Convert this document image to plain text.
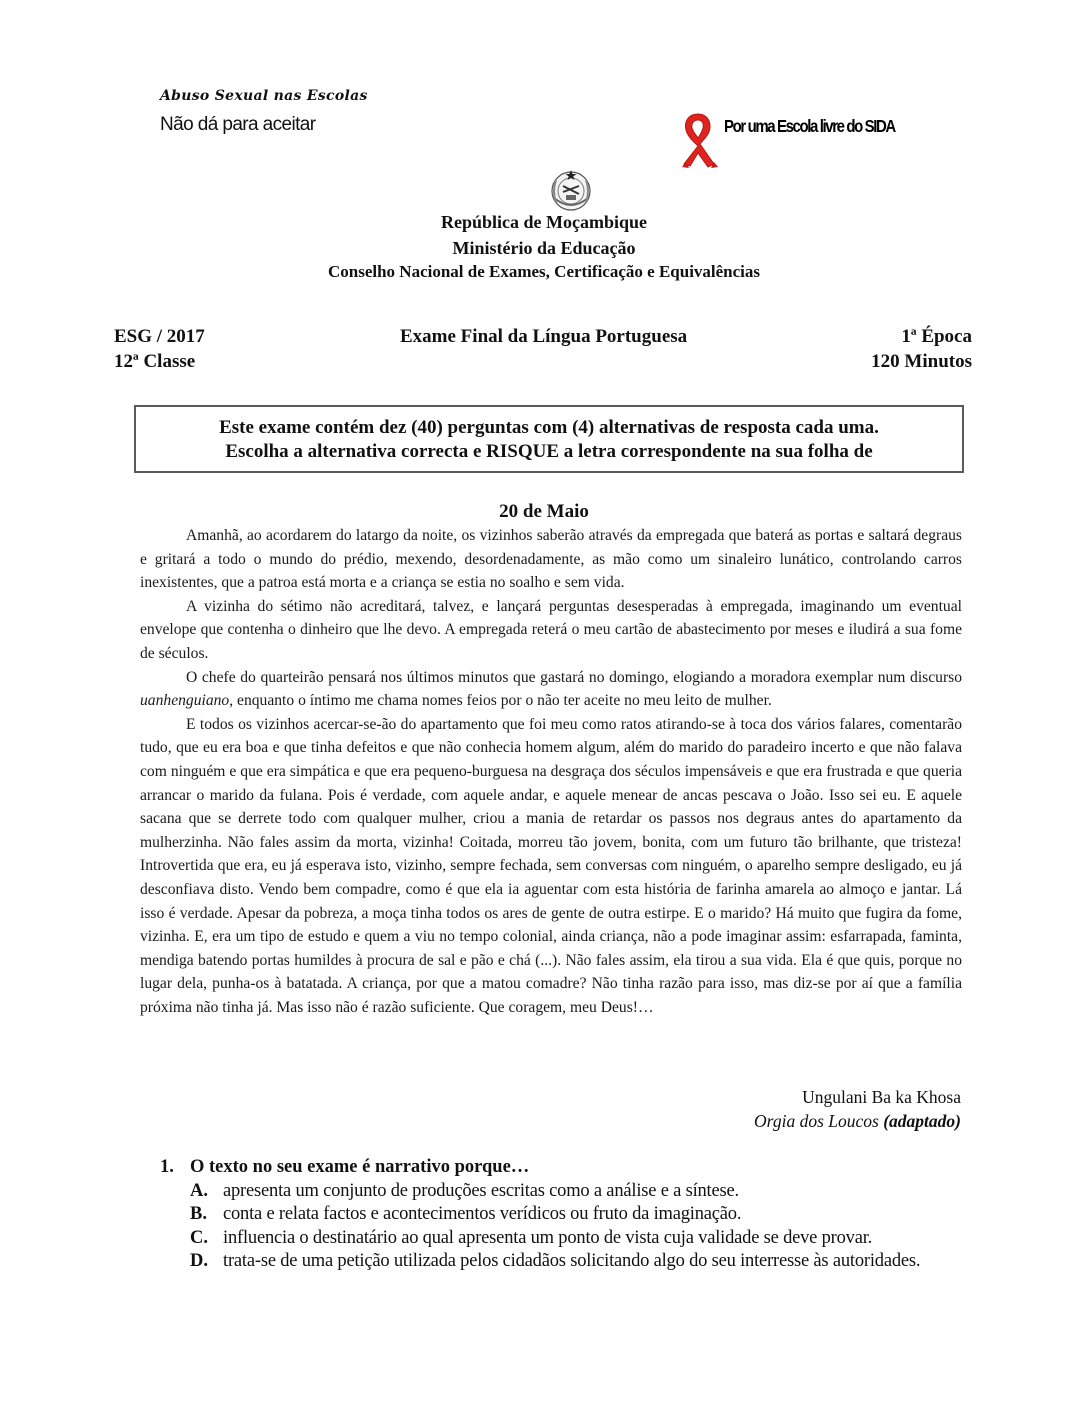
Abuso Sexual nas Escolas
Não dá para aceitar	Por uma Escola livre do SIDA
República de Moçambique
Ministério da Educação
Conselho Nacional de Exames, Certificação e Equivalências
ESG / 2017
12ª Classe
Exame Final da Língua Portuguesa	1ª Época
120 Minutos
Este exame contém dez (40) perguntas com (4) alternativas de resposta cada uma.
Escolha a alternativa correcta e RISQUE a letra correspondente na sua folha de
20 de Maio

Amanhã, ao acordarem do latargo da noite, os vizinhos saberão através da empregada que baterá as portas e saltará degraus e gritará a todo o mundo do prédio, mexendo, desordenadamente, as mão como um sinaleiro lunático, controlando carros inexistentes, que a patroa está morta e a criança se estia no soalho e sem vida.

A vizinha do sétimo não acreditará, talvez, e lançará perguntas desesperadas à empregada, imaginando um eventual envelope que contenha o dinheiro que lhe devo. A empregada reterá o meu cartão de abastecimento por meses e iludirá a sua fome de séculos.

O chefe do quarteirão pensará nos últimos minutos que gastará no domingo, elogiando a moradora exemplar num discurso uanhenguiano, enquanto o íntimo me chama nomes feios por o não ter aceite no meu leito de mulher.

E todos os vizinhos acercar-se-ão do apartamento que foi meu como ratos atirando-se à toca dos vários falares, comentarão tudo, que eu era boa e que tinha defeitos e que não conhecia homem algum, além do marido do paradeiro incerto e que não falava com ninguém e que era simpática e que era pequeno-burguesa na desgraça dos séculos impensáveis e que era frustrada e que queria arrancar o marido da fulana. Pois é verdade, com aquele andar, e aquele menear de ancas pescava o João. Isso sei eu. E aquele sacana que se derrete todo com qualquer mulher, criou a mania de retardar os passos nos degraus antes do apartamento da mulherzinha. Não fales assim da morta, vizinha! Coitada, morreu tão jovem, bonita, com um futuro tão brilhante, que tristeza! Introvertida que era, eu já esperava isto, vizinho, sempre fechada, sem conversas com ninguém, o aparelho sempre desligado, eu já desconfiava disto. Vendo bem compadre, como é que ela ia aguentar com esta história de farinha amarela ao almoço e jantar. Lá isso é verdade. Apesar da pobreza, a moça tinha todos os ares de gente de outra estirpe. E o marido? Há muito que fugira da fome, vizinha. E, era um tipo de estudo e quem a viu no tempo colonial, ainda criança, não a pode imaginar assim: esfarrapada, faminta, mendiga batendo portas humildes à procura de sal e pão e chá (...). Não fales assim, ela tirou a sua vida. Ela é que quis, porque no lugar dela, punha-os à batatada. A criança, por que a matou comadre? Não tinha razão para isso, mas diz-se por aí que a família próxima não tinha já. Mas isso não é razão suficiente. Que coragem, meu Deus!…

Ungulani Ba ka Khosa
Orgia dos Loucos (adaptado)
1. O texto no seu exame é narrativo porque…
A. apresenta um conjunto de produções escritas como a análise e a síntese.
B. conta e relata factos e acontecimentos verídicos ou fruto da imaginação.
C. influencia o destinatário ao qual apresenta um ponto de vista cuja validade se deve provar.
D. trata-se de uma petição utilizada pelos cidadãos solicitando algo do seu interresse às autoridades.
